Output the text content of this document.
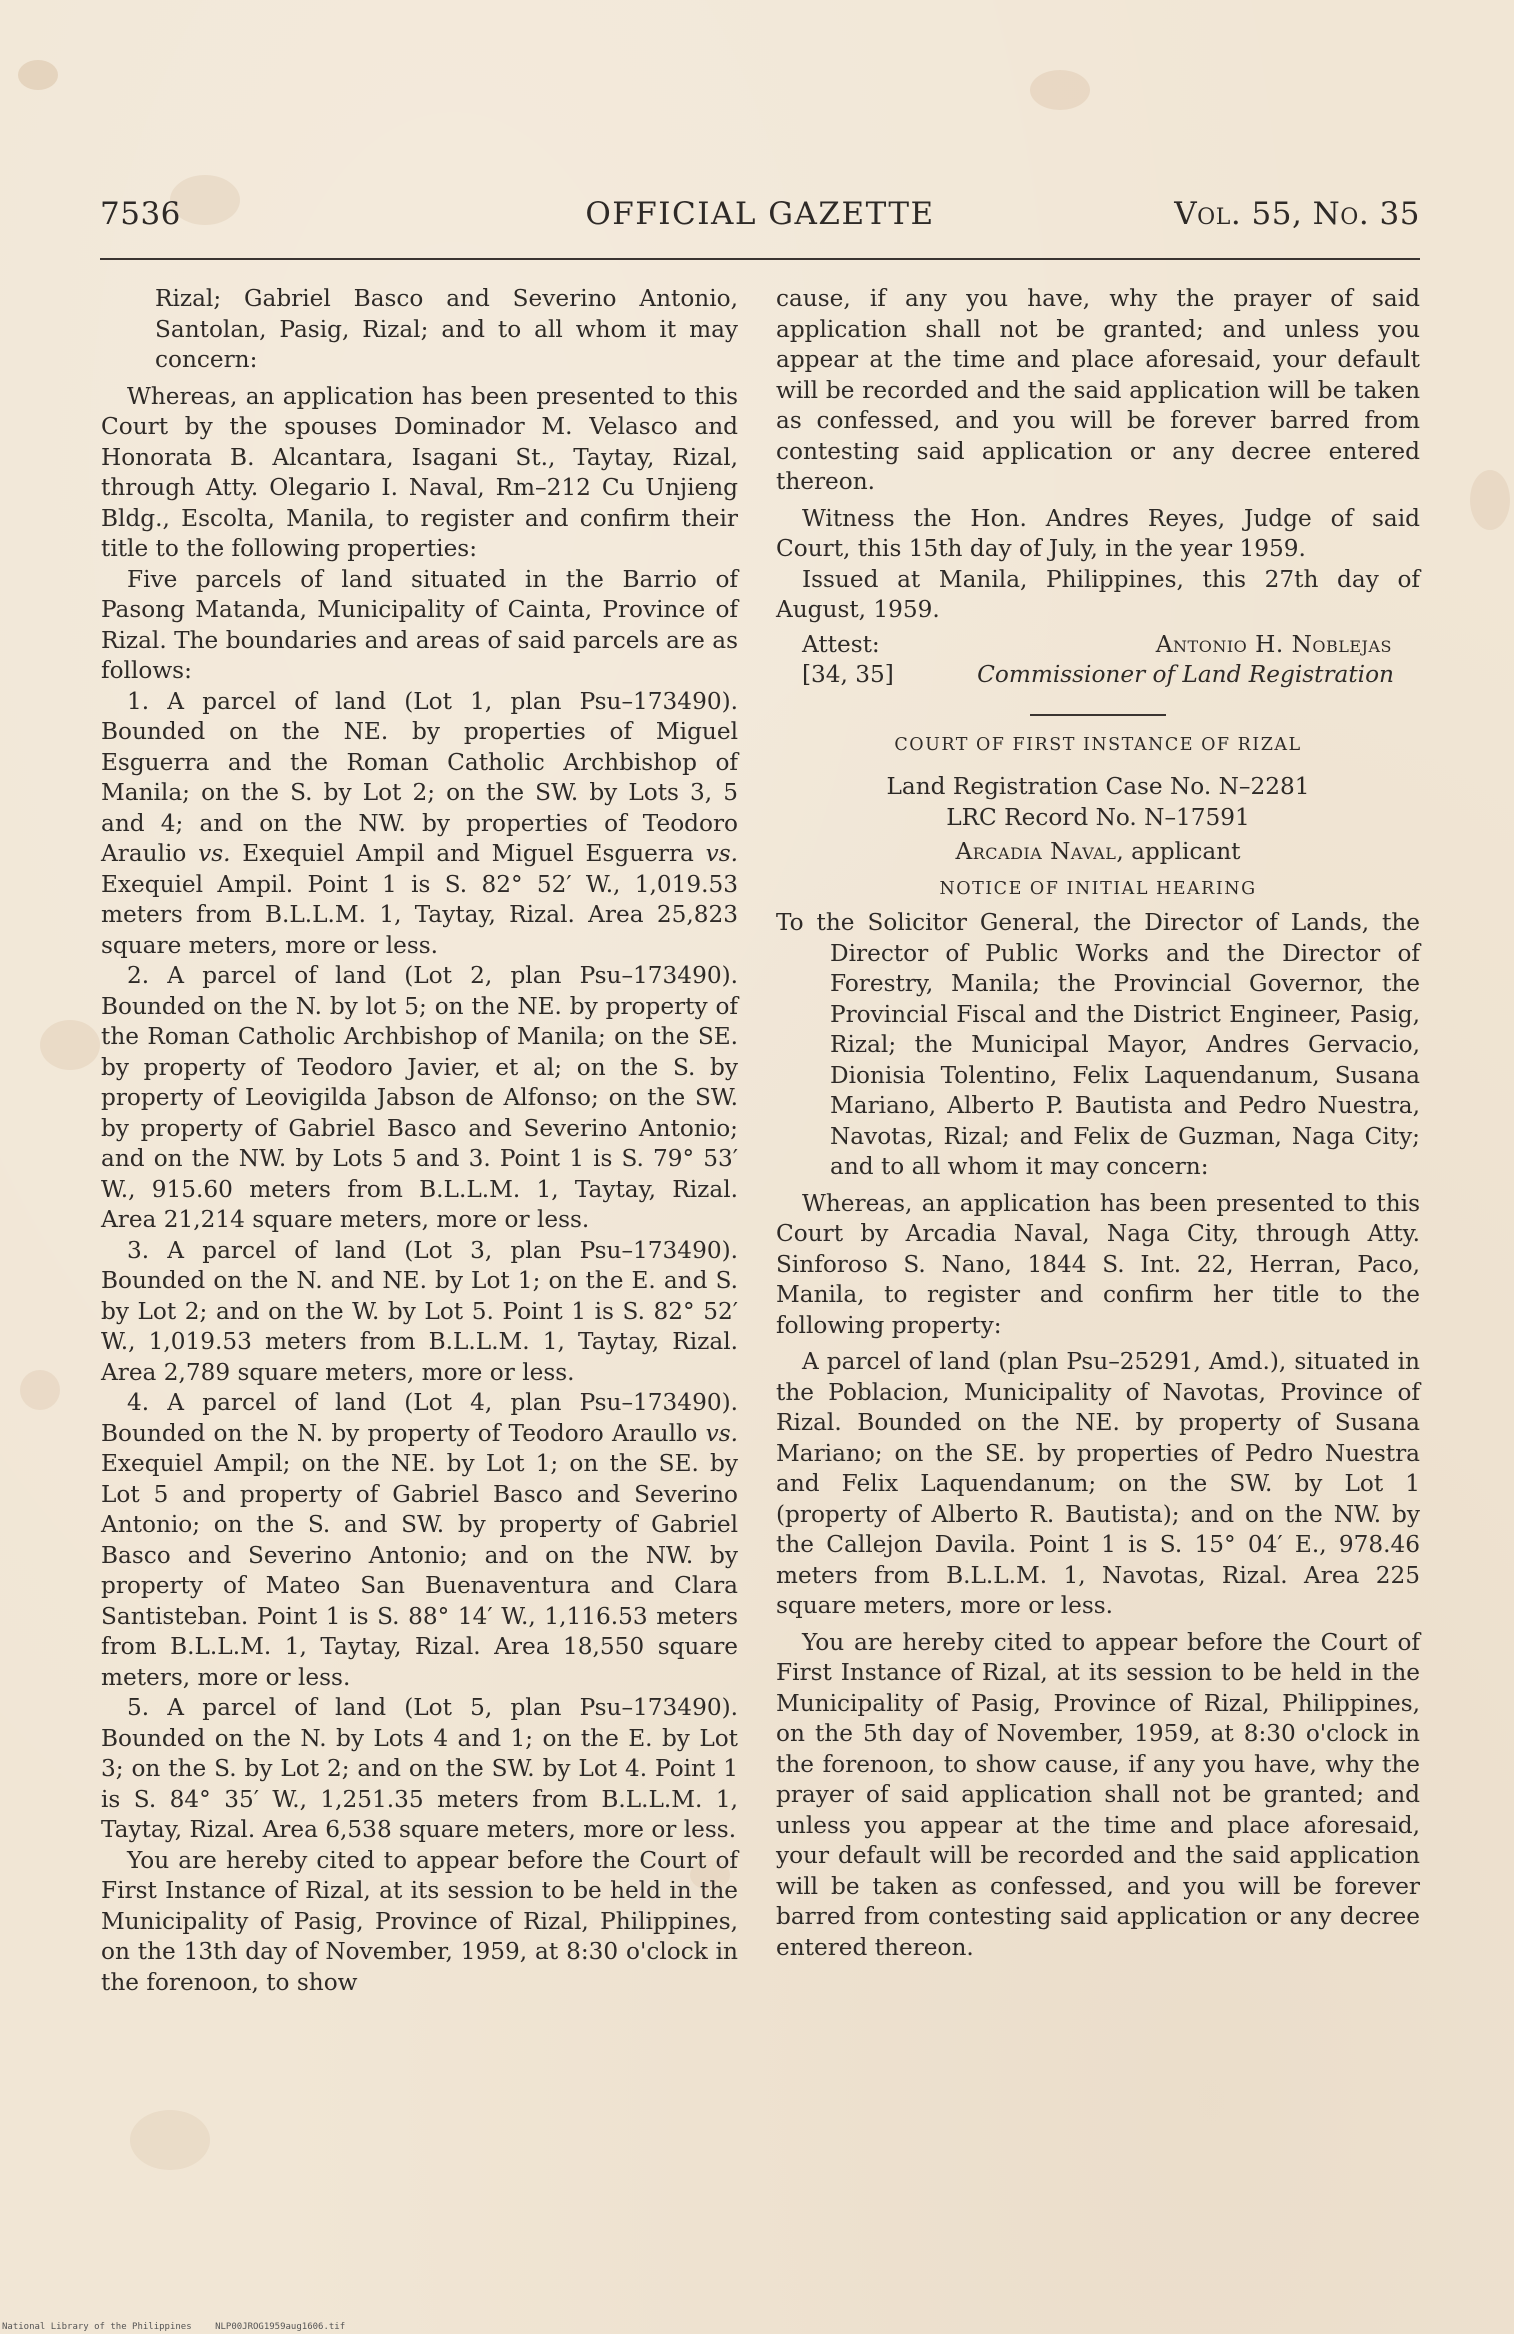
7536	OFFICIAL GAZETTE	Vol. 55, No. 35

Rizal; Gabriel Basco and Severino Antonio, Santolan, Pasig, Rizal; and to all whom it may concern:

Whereas, an application has been presented to this Court by the spouses Dominador M. Velasco and Honorata B. Alcantara, Isagani St., Taytay, Rizal, through Atty. Olegario I. Naval, Rm–212 Cu Unjieng Bldg., Escolta, Manila, to register and confirm their title to the following properties:

Five parcels of land situated in the Barrio of Pasong Matanda, Municipality of Cainta, Province of Rizal. The boundaries and areas of said parcels are as follows:

1. A parcel of land (Lot 1, plan Psu–173490). Bounded on the NE. by properties of Miguel Esguerra and the Roman Catholic Archbishop of Manila; on the S. by Lot 2; on the SW. by Lots 3, 5 and 4; and on the NW. by properties of Teodoro Araulio vs. Exequiel Ampil and Miguel Esguerra vs. Exequiel Ampil. Point 1 is S. 82° 52′ W., 1,019.53 meters from B.L.L.M. 1, Taytay, Rizal. Area 25,823 square meters, more or less.

2. A parcel of land (Lot 2, plan Psu–173490). Bounded on the N. by lot 5; on the NE. by property of the Roman Catholic Archbishop of Manila; on the SE. by property of Teodoro Javier, et al; on the S. by property of Leovigilda Jabson de Alfonso; on the SW. by property of Gabriel Basco and Severino Antonio; and on the NW. by Lots 5 and 3. Point 1 is S. 79° 53′ W., 915.60 meters from B.L.L.M. 1, Taytay, Rizal. Area 21,214 square meters, more or less.

3. A parcel of land (Lot 3, plan Psu–173490). Bounded on the N. and NE. by Lot 1; on the E. and S. by Lot 2; and on the W. by Lot 5. Point 1 is S. 82° 52′ W., 1,019.53 meters from B.L.L.M. 1, Taytay, Rizal. Area 2,789 square meters, more or less.

4. A parcel of land (Lot 4, plan Psu–173490). Bounded on the N. by property of Teodoro Araullo vs. Exequiel Ampil; on the NE. by Lot 1; on the SE. by Lot 5 and property of Gabriel Basco and Severino Antonio; on the S. and SW. by property of Gabriel Basco and Severino Antonio; and on the NW. by property of Mateo San Buenaventura and Clara Santisteban. Point 1 is S. 88° 14′ W., 1,116.53 meters from B.L.L.M. 1, Taytay, Rizal. Area 18,550 square meters, more or less.

5. A parcel of land (Lot 5, plan Psu–173490). Bounded on the N. by Lots 4 and 1; on the E. by Lot 3; on the S. by Lot 2; and on the SW. by Lot 4. Point 1 is S. 84° 35′ W., 1,251.35 meters from B.L.L.M. 1, Taytay, Rizal. Area 6,538 square meters, more or less.

You are hereby cited to appear before the Court of First Instance of Rizal, at its session to be held in the Municipality of Pasig, Province of Rizal, Philippines, on the 13th day of November, 1959, at 8:30 o'clock in the forenoon, to show

cause, if any you have, why the prayer of said application shall not be granted; and unless you appear at the time and place aforesaid, your default will be recorded and the said application will be taken as confessed, and you will be forever barred from contesting said application or any decree entered thereon.

Witness the Hon. Andres Reyes, Judge of said Court, this 15th day of July, in the year 1959.

Issued at Manila, Philippines, this 27th day of August, 1959.

Attest:
[34, 35]
Antonio H. Noblejas
Commissioner of Land Registration

COURT OF FIRST INSTANCE OF RIZAL

Land Registration Case No. N–2281

LRC Record No. N–17591

Arcadia Naval, applicant

NOTICE OF INITIAL HEARING

To the Solicitor General, the Director of Lands, the Director of Public Works and the Director of Forestry, Manila; the Provincial Governor, the Provincial Fiscal and the District Engineer, Pasig, Rizal; the Municipal Mayor, Andres Gervacio, Dionisia Tolentino, Felix Laquendanum, Susana Mariano, Alberto P. Bautista and Pedro Nuestra, Navotas, Rizal; and Felix de Guzman, Naga City; and to all whom it may concern:

Whereas, an application has been presented to this Court by Arcadia Naval, Naga City, through Atty. Sinforoso S. Nano, 1844 S. Int. 22, Herran, Paco, Manila, to register and confirm her title to the following property:

A parcel of land (plan Psu–25291, Amd.), situated in the Poblacion, Municipality of Navotas, Province of Rizal. Bounded on the NE. by property of Susana Mariano; on the SE. by properties of Pedro Nuestra and Felix Laquendanum; on the SW. by Lot 1 (property of Alberto R. Bautista); and on the NW. by the Callejon Davila. Point 1 is S. 15° 04′ E., 978.46 meters from B.L.L.M. 1, Navotas, Rizal. Area 225 square meters, more or less.

You are hereby cited to appear before the Court of First Instance of Rizal, at its session to be held in the Municipality of Pasig, Province of Rizal, Philippines, on the 5th day of November, 1959, at 8:30 o'clock in the forenoon, to show cause, if any you have, why the prayer of said application shall not be granted; and unless you appear at the time and place aforesaid, your default will be recorded and the said application will be taken as confessed, and you will be forever barred from contesting said application or any decree entered thereon.

National Library of the Philippines	NLP00JROG1959aug1606.tif
